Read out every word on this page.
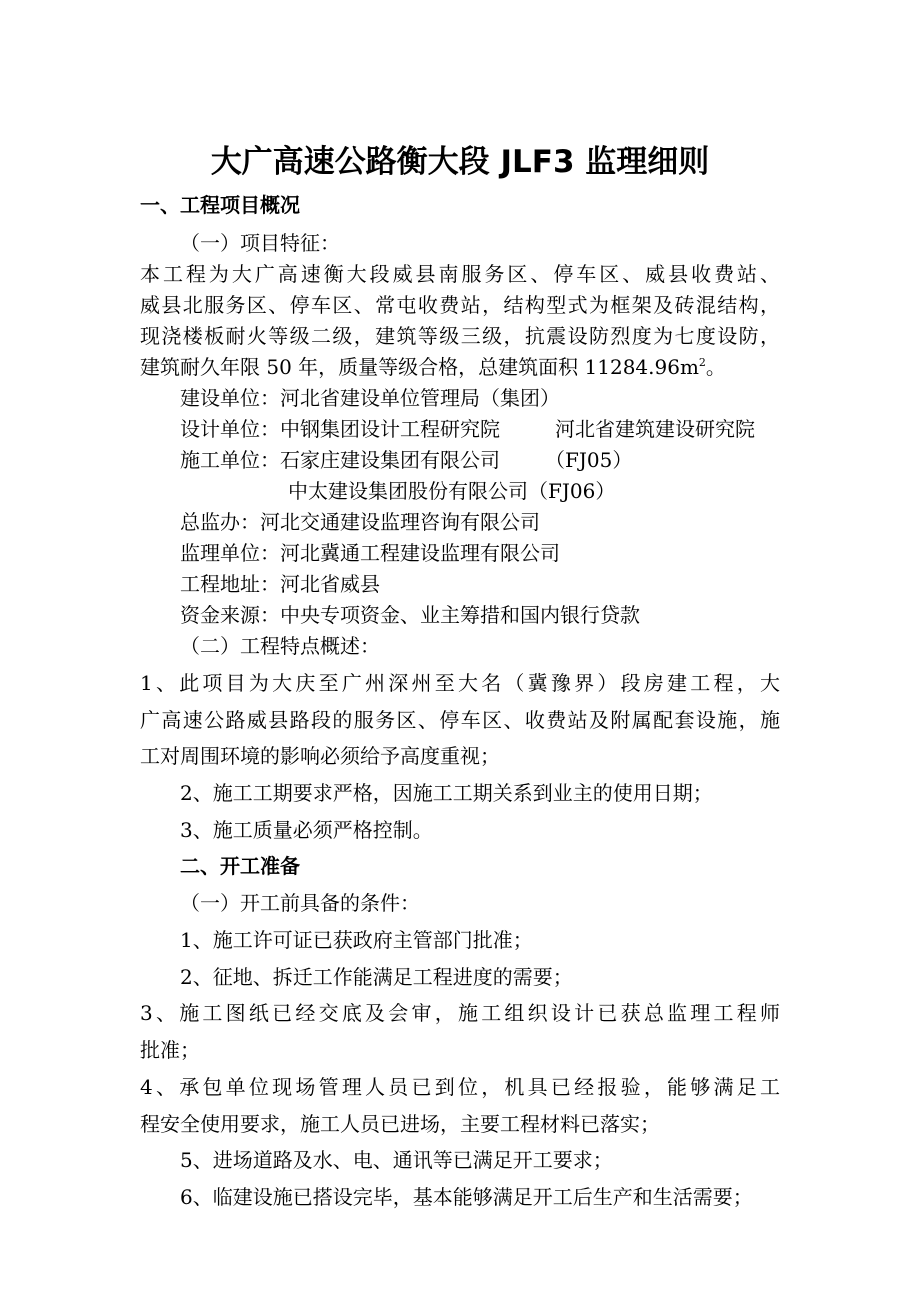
大广高速公路衡大段 JLF3 监理细则
一、工程项目概况
（一）项目特征：
本工程为大广高速衡大段威县南服务区、停车区、威县收费站、
威县北服务区、停车区、常屯收费站，结构型式为框架及砖混结构，
现浇楼板耐火等级二级，建筑等级三级，抗震设防烈度为七度设防，
建筑耐久年限 50 年，质量等级合格，总建筑面积 $11284.96m^2$。
建设单位：河北省建设单位管理局（集团）
设计单位：中钢集团设计工程研究院	河北省建筑建设研究院
施工单位：石家庄建设集团有限公司 （FJ05）
中太建设集团股份有限公司（FJ06）
总监办：河北交通建设监理咨询有限公司
监理单位：河北冀通工程建设监理有限公司
工程地址：河北省威县
资金来源：中央专项资金、业主筹措和国内银行贷款
（二）工程特点概述：
1、此项目为大庆至广州深州至大名（冀豫界）段房建工程，大
广高速公路威县路段的服务区、停车区、收费站及附属配套设施，施
工对周围环境的影响必须给予高度重视；
2、施工工期要求严格，因施工工期关系到业主的使用日期；
3、施工质量必须严格控制。
二、开工准备
（一）开工前具备的条件：
1、施工许可证已获政府主管部门批准；
2、征地、拆迁工作能满足工程进度的需要；
3、施工图纸已经交底及会审，施工组织设计已获总监理工程师
批准；
4、承包单位现场管理人员已到位，机具已经报验，能够满足工
程安全使用要求，施工人员已进场，主要工程材料已落实；
5、进场道路及水、电、通讯等已满足开工要求；
6、临建设施已搭设完毕，基本能够满足开工后生产和生活需要；
